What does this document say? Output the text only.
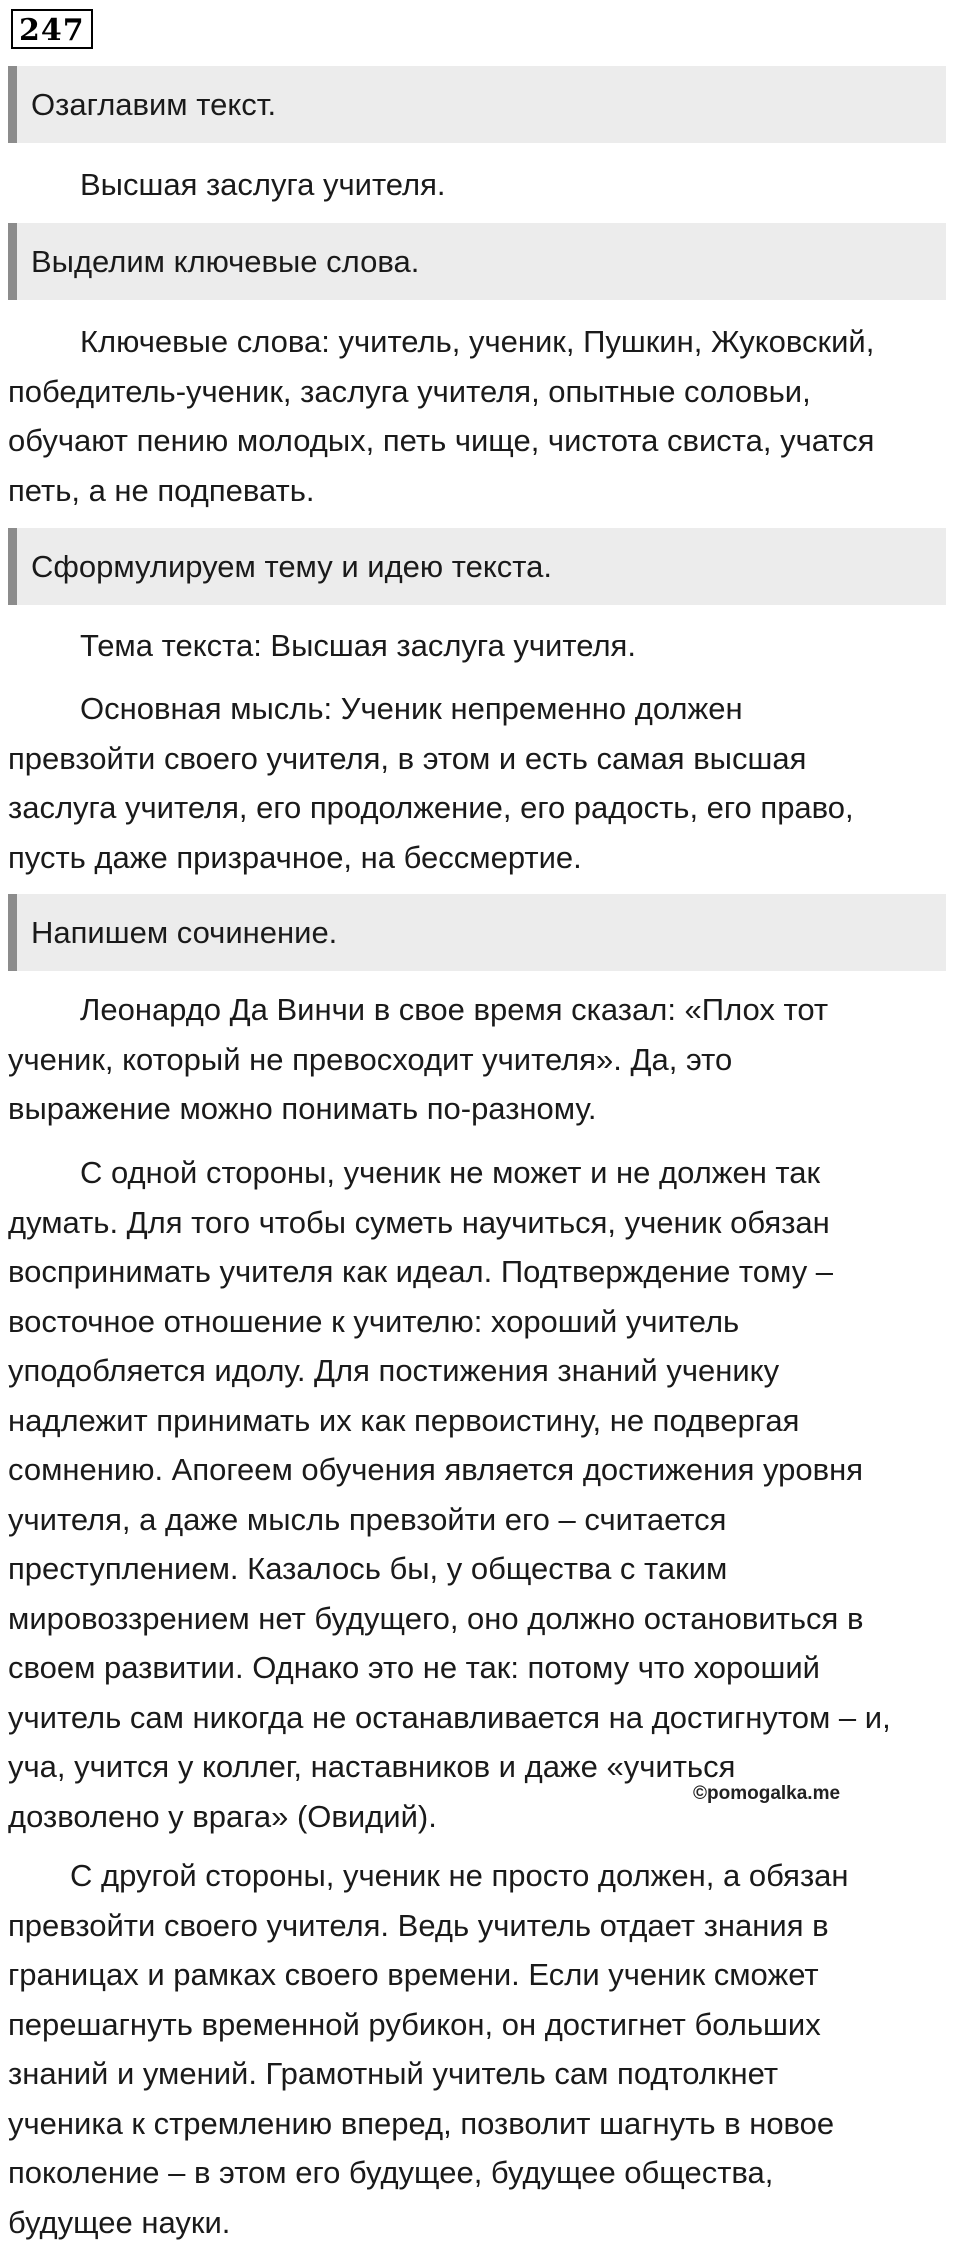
247
Озаглавим текст.

Высшая заслуга учителя.

Выделим ключевые слова.

Ключевые слова: учитель, ученик, Пушкин, Жуковский,
победитель-ученик, заслуга учителя, опытные соловьи,
обучают пению молодых, петь чище, чистота свиста, учатся
петь, а не подпевать.

Сформулируем тему и идею текста.

Тема текста: Высшая заслуга учителя.

Основная мысль: Ученик непременно должен
превзойти своего учителя, в этом и есть самая высшая
заслуга учителя, его продолжение, его радость, его право,
пусть даже призрачное, на бессмертие.

Напишем сочинение.

Леонардо Да Винчи в свое время сказал: «Плох тот
ученик, который не превосходит учителя». Да, это
выражение можно понимать по-разному.

С одной стороны, ученик не может и не должен так
думать. Для того чтобы суметь научиться, ученик обязан
воспринимать учителя как идеал. Подтверждение тому –
восточное отношение к учителю: хороший учитель
уподобляется идолу. Для постижения знаний ученику
надлежит принимать их как первоистину, не подвергая
сомнению. Апогеем обучения является достижения уровня
учителя, а даже мысль превзойти его – считается
преступлением. Казалось бы, у общества с таким
мировоззрением нет будущего, оно должно остановиться в
своем развитии. Однако это не так: потому что хороший
учитель сам никогда не останавливается на достигнутом – и,
уча, учится у коллег, наставников и даже «учиться
дозволено у врага» (Овидий).

С другой стороны, ученик не просто должен, а обязан
превзойти своего учителя. Ведь учитель отдает знания в
границах и рамках своего времени. Если ученик сможет
перешагнуть временной рубикон, он достигнет больших
знаний и умений. Грамотный учитель сам подтолкнет
ученика к стремлению вперед, позволит шагнуть в новое
поколение – в этом его будущее, будущее общества,
будущее науки.

©pomogalka.me
